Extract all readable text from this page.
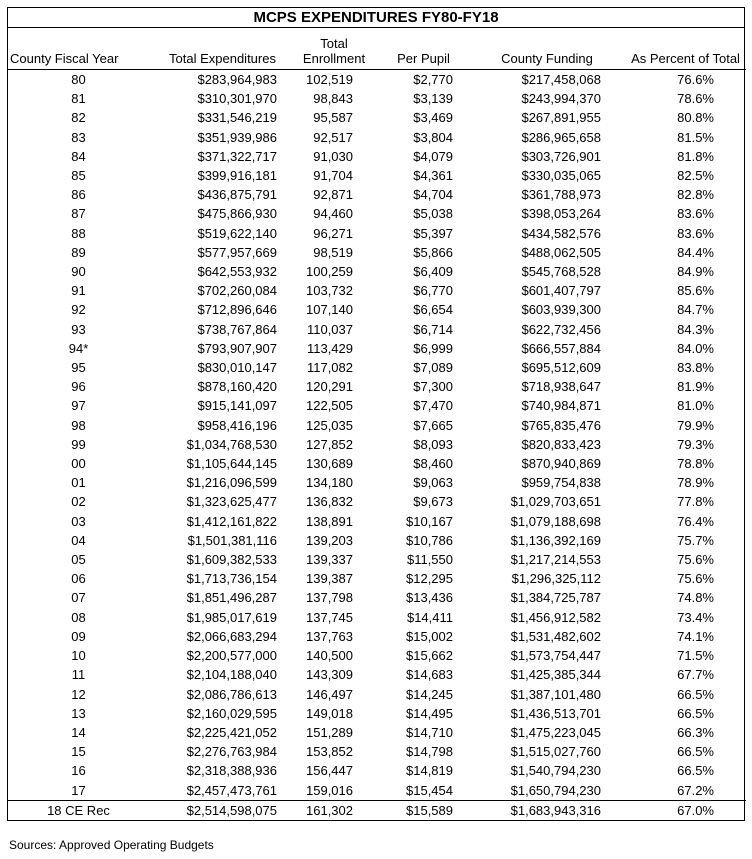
MCPS EXPENDITURES FY80-FY18
County Fiscal Year	Total Expenditures	Total Enrollment	Per Pupil	County Funding	As Percent of Total
80	$283,964,983	102,519	$2,770	$217,458,068	76.6%
81	$310,301,970	98,843	$3,139	$243,994,370	78.6%
82	$331,546,219	95,587	$3,469	$267,891,955	80.8%
83	$351,939,986	92,517	$3,804	$286,965,658	81.5%
84	$371,322,717	91,030	$4,079	$303,726,901	81.8%
85	$399,916,181	91,704	$4,361	$330,035,065	82.5%
86	$436,875,791	92,871	$4,704	$361,788,973	82.8%
87	$475,866,930	94,460	$5,038	$398,053,264	83.6%
88	$519,622,140	96,271	$5,397	$434,582,576	83.6%
89	$577,957,669	98,519	$5,866	$488,062,505	84.4%
90	$642,553,932	100,259	$6,409	$545,768,528	84.9%
91	$702,260,084	103,732	$6,770	$601,407,797	85.6%
92	$712,896,646	107,140	$6,654	$603,939,300	84.7%
93	$738,767,864	110,037	$6,714	$622,732,456	84.3%
94*	$793,907,907	113,429	$6,999	$666,557,884	84.0%
95	$830,010,147	117,082	$7,089	$695,512,609	83.8%
96	$878,160,420	120,291	$7,300	$718,938,647	81.9%
97	$915,141,097	122,505	$7,470	$740,984,871	81.0%
98	$958,416,196	125,035	$7,665	$765,835,476	79.9%
99	$1,034,768,530	127,852	$8,093	$820,833,423	79.3%
00	$1,105,644,145	130,689	$8,460	$870,940,869	78.8%
01	$1,216,096,599	134,180	$9,063	$959,754,838	78.9%
02	$1,323,625,477	136,832	$9,673	$1,029,703,651	77.8%
03	$1,412,161,822	138,891	$10,167	$1,079,188,698	76.4%
04	$1,501,381,116	139,203	$10,786	$1,136,392,169	75.7%
05	$1,609,382,533	139,337	$11,550	$1,217,214,553	75.6%
06	$1,713,736,154	139,387	$12,295	$1,296,325,112	75.6%
07	$1,851,496,287	137,798	$13,436	$1,384,725,787	74.8%
08	$1,985,017,619	137,745	$14,411	$1,456,912,582	73.4%
09	$2,066,683,294	137,763	$15,002	$1,531,482,602	74.1%
10	$2,200,577,000	140,500	$15,662	$1,573,754,447	71.5%
11	$2,104,188,040	143,309	$14,683	$1,425,385,344	67.7%
12	$2,086,786,613	146,497	$14,245	$1,387,101,480	66.5%
13	$2,160,029,595	149,018	$14,495	$1,436,513,701	66.5%
14	$2,225,421,052	151,289	$14,710	$1,475,223,045	66.3%
15	$2,276,763,984	153,852	$14,798	$1,515,027,760	66.5%
16	$2,318,388,936	156,447	$14,819	$1,540,794,230	66.5%
17	$2,457,473,761	159,016	$15,454	$1,650,794,230	67.2%
18 CE Rec	$2,514,598,075	161,302	$15,589	$1,683,943,316	67.0%
Sources: Approved Operating Budgets
